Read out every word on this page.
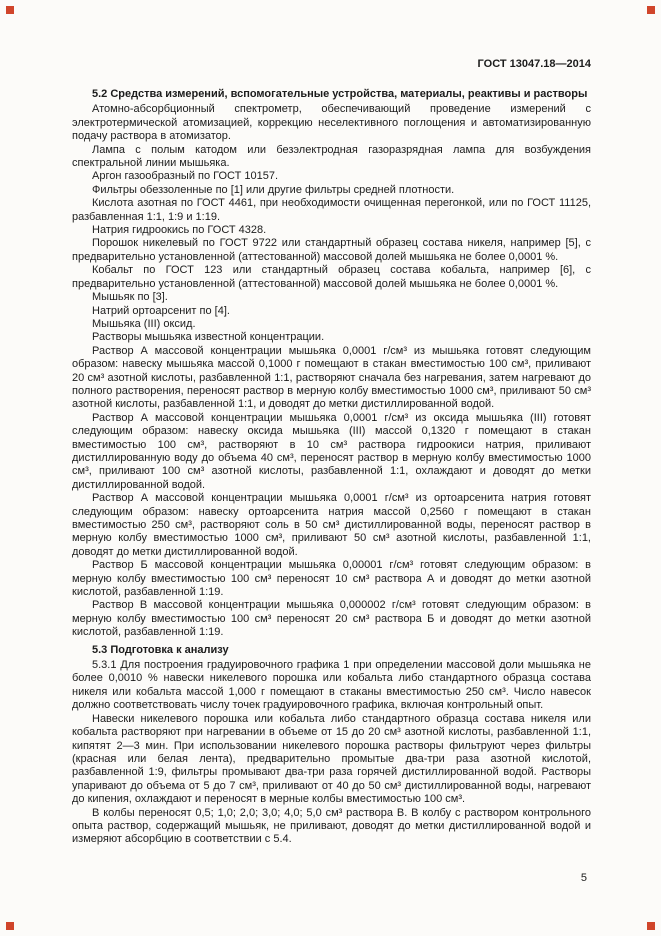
ГОСТ 13047.18—2014

5.2 Средства измерений, вспомогательные устройства, материалы, реактивы и растворы

Атомно-абсорбционный спектрометр, обеспечивающий проведение измерений с электротермической атомизацией, коррекцию неселективного поглощения и автоматизированную подачу раствора в атомизатор.

Лампа с полым катодом или безэлектродная газоразрядная лампа для возбуждения спектральной линии мышьяка.

Аргон газообразный по ГОСТ 10157.

Фильтры обеззоленные по [1] или другие фильтры средней плотности.

Кислота азотная по ГОСТ 4461, при необходимости очищенная перегонкой, или по ГОСТ 11125, разбавленная 1:1, 1:9 и 1:19.

Натрия гидроокись по ГОСТ 4328.

Порошок никелевый по ГОСТ 9722 или стандартный образец состава никеля, например [5], с предварительно установленной (аттестованной) массовой долей мышьяка не более 0,0001 %.

Кобальт по ГОСТ 123 или стандартный образец состава кобальта, например [6], с предварительно установленной (аттестованной) массовой долей мышьяка не более 0,0001 %.

Мышьяк по [3].

Натрий ортоарсенит по [4].

Мышьяка (III) оксид.

Растворы мышьяка известной концентрации.

Раствор А массовой концентрации мышьяка 0,0001 г/см³ из мышьяка готовят следующим образом: навеску мышьяка массой 0,1000 г помещают в стакан вместимостью 100 см³, приливают 20 см³ азотной кислоты, разбавленной 1:1, растворяют сначала без нагревания, затем нагревают до полного растворения, переносят раствор в мерную колбу вместимостью 1000 см³, приливают 50 см³ азотной кислоты, разбавленной 1:1, и доводят до метки дистиллированной водой.

Раствор А массовой концентрации мышьяка 0,0001 г/см³ из оксида мышьяка (III) готовят следующим образом: навеску оксида мышьяка (III) массой 0,1320 г помещают в стакан вместимостью 100 см³, растворяют в 10 см³ раствора гидроокиси натрия, приливают дистиллированную воду до объема 40 см³, переносят раствор в мерную колбу вместимостью 1000 см³, приливают 100 см³ азотной кислоты, разбавленной 1:1, охлаждают и доводят до метки дистиллированной водой.

Раствор А массовой концентрации мышьяка 0,0001 г/см³ из ортоарсенита натрия готовят следующим образом: навеску ортоарсенита натрия массой 0,2560 г помещают в стакан вместимостью 250 см³, растворяют соль в 50 см³ дистиллированной воды, переносят раствор в мерную колбу вместимостью 1000 см³, приливают 50 см³ азотной кислоты, разбавленной 1:1, доводят до метки дистиллированной водой.

Раствор Б массовой концентрации мышьяка 0,00001 г/см³ готовят следующим образом: в мерную колбу вместимостью 100 см³ переносят 10 см³ раствора А и доводят до метки азотной кислотой, разбавленной 1:19.

Раствор В массовой концентрации мышьяка 0,000002 г/см³ готовят следующим образом: в мерную колбу вместимостью 100 см³ переносят 20 см³ раствора Б и доводят до метки азотной кислотой, разбавленной 1:19.

5.3 Подготовка к анализу

5.3.1 Для построения градуировочного графика 1 при определении массовой доли мышьяка не более 0,0010 % навески никелевого порошка или кобальта либо стандартного образца состава никеля или кобальта массой 1,000 г помещают в стаканы вместимостью 250 см³. Число навесок должно соответствовать числу точек градуировочного графика, включая контрольный опыт.

Навески никелевого порошка или кобальта либо стандартного образца состава никеля или кобальта растворяют при нагревании в объеме от 15 до 20 см³ азотной кислоты, разбавленной 1:1, кипятят 2—3 мин. При использовании никелевого порошка растворы фильтруют через фильтры (красная или белая лента), предварительно промытые два-три раза азотной кислотой, разбавленной 1:9, фильтры промывают два-три раза горячей дистиллированной водой. Растворы упаривают до объема от 5 до 7 см³, приливают от 40 до 50 см³ дистиллированной воды, нагревают до кипения, охлаждают и переносят в мерные колбы вместимостью 100 см³.

В колбы переносят 0,5; 1,0; 2,0; 3,0; 4,0; 5,0 см³ раствора В. В колбу с раствором контрольного опыта раствор, содержащий мышьяк, не приливают, доводят до метки дистиллированной водой и измеряют абсорбцию в соответствии с 5.4.

5
